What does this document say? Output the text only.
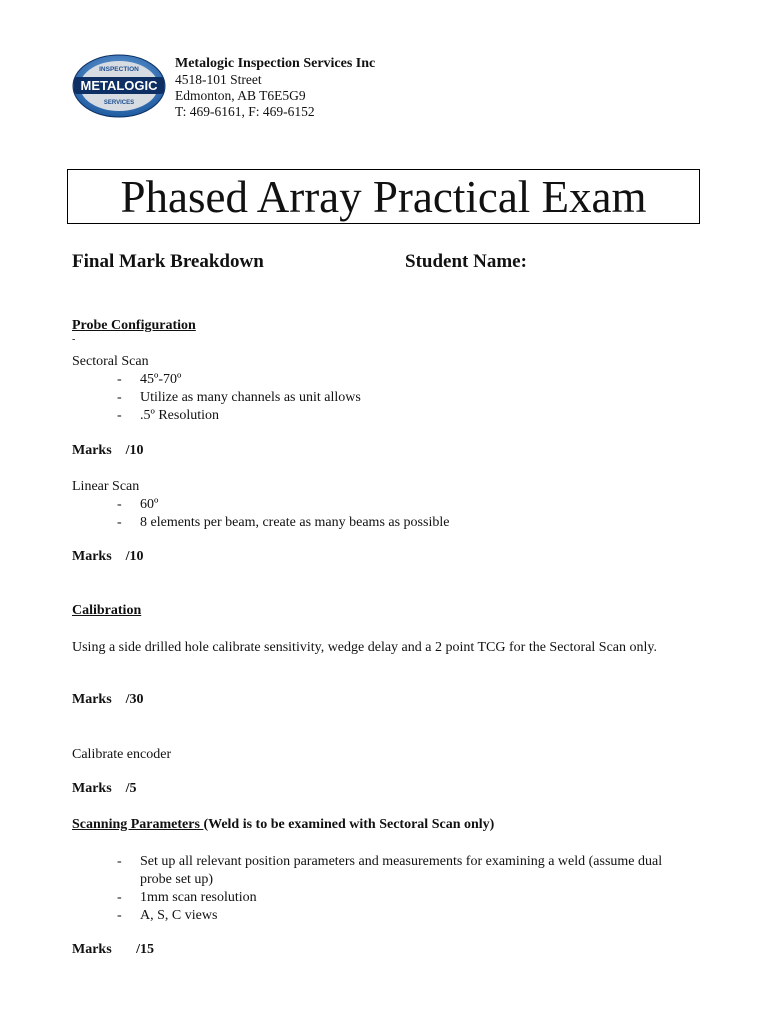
INSPECTION
METALOGIC
SERVICES
Metalogic Inspection Services Inc
4518-101 Street
Edmonton, AB T6E5G9
T: 469-6161, F: 469-6152
Phased Array Practical Exam
Final Mark Breakdown	Student Name:
Probe Configuration
-
Sectoral Scan
- 45º-70º
- Utilize as many channels as unit allows
- .5º Resolution
Marks    /10
Linear Scan
- 60º
- 8 elements per beam, create as many beams as possible
Marks    /10
Calibration
Using a side drilled hole calibrate sensitivity, wedge delay and a 2 point TCG for the Sectoral Scan only.
Marks    /30
Calibrate encoder
Marks    /5
Scanning Parameters (Weld is to be examined with Sectoral Scan only)
- Set up all relevant position parameters and measurements for examining a weld (assume dual probe set up)
- 1mm scan resolution
- A, S, C views
Marks       /15
